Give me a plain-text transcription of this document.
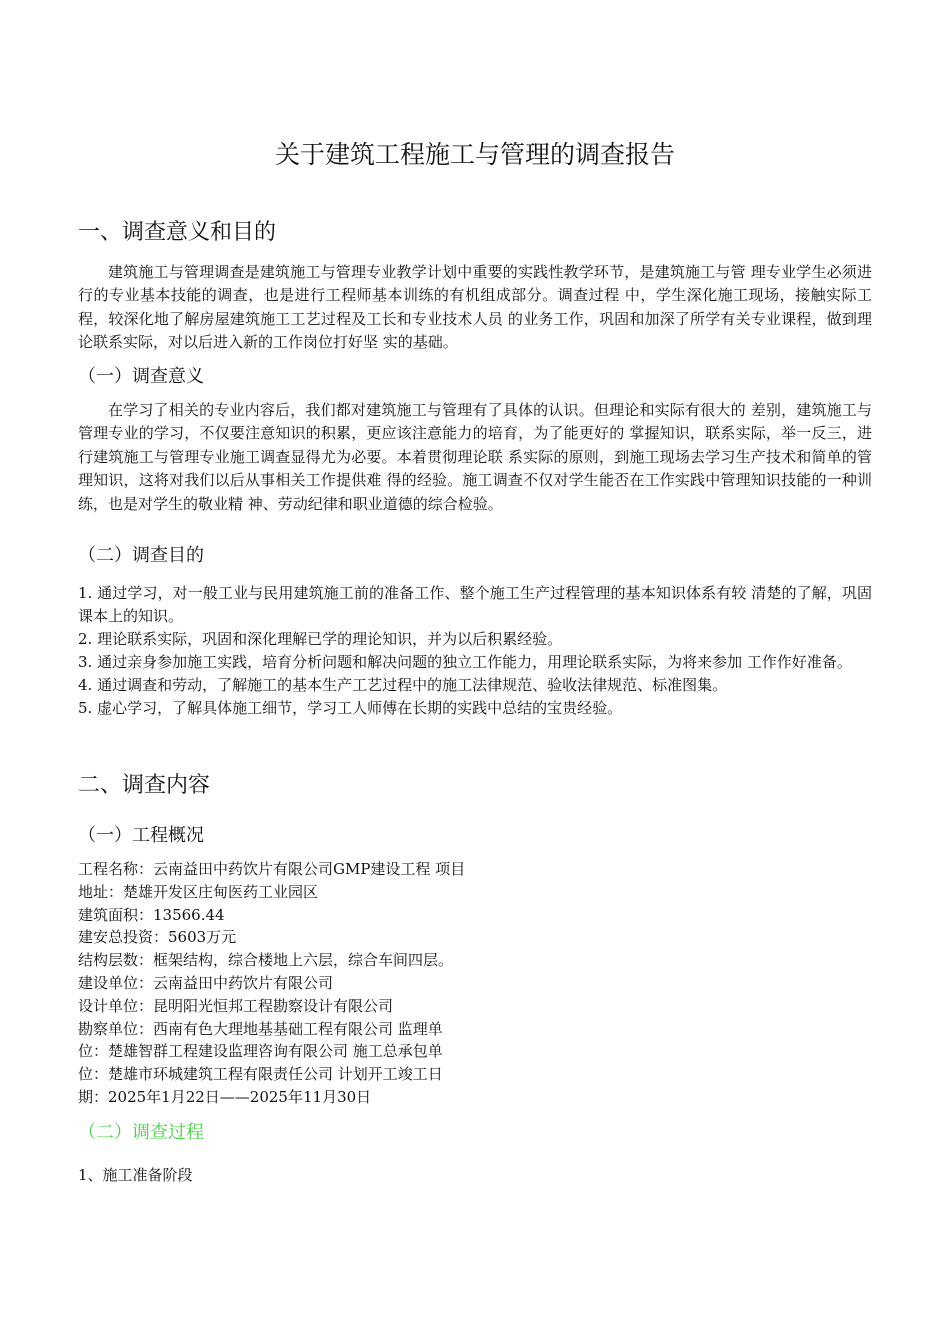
关于建筑工程施工与管理的调查报告
一、调查意义和目的

建筑施工与管理调查是建筑施工与管理专业教学计划中重要的实践性教学环节，是建筑施工与管 理专业学生必须进行的专业基本技能的调查，也是进行工程师基本训练的有机组成部分。调查过程 中，学生深化施工现场，接触实际工程，较深化地了解房屋建筑施工工艺过程及工长和专业技术人员 的业务工作，巩固和加深了所学有关专业课程，做到理论联系实际，对以后进入新的工作岗位打好坚 实的基础。

（一）调查意义

在学习了相关的专业内容后，我们都对建筑施工与管理有了具体的认识。但理论和实际有很大的 差别，建筑施工与管理专业的学习，不仅要注意知识的积累，更应该注意能力的培育，为了能更好的 掌握知识，联系实际，举一反三，进行建筑施工与管理专业施工调查显得尤为必要。本着贯彻理论联 系实际的原则，到施工现场去学习生产技术和简单的管理知识，这将对我们以后从事相关工作提供难 得的经验。施工调查不仅对学生能否在工作实践中管理知识技能的一种训练，也是对学生的敬业精 神、劳动纪律和职业道德的综合检验。

（二）调查目的
1. 通过学习，对一般工业与民用建筑施工前的准备工作、整个施工生产过程管理的基本知识体系有较 清楚的了解，巩固课本上的知识。
2. 理论联系实际，巩固和深化理解已学的理论知识，并为以后积累经验。
3. 通过亲身参加施工实践，培育分析问题和解决问题的独立工作能力，用理论联系实际，为将来参加 工作作好准备。
4. 通过调查和劳动，了解施工的基本生产工艺过程中的施工法律规范、验收法律规范、标准图集。
5. 虚心学习，了解具体施工细节，学习工人师傅在长期的实践中总结的宝贵经验。
二、调查内容
（一）工程概况
工程名称：云南益田中药饮片有限公司GMP建设工程 项目
地址：楚雄开发区庄甸医药工业园区
建筑面积：13566.44
建安总投资：5603万元
结构层数：框架结构，综合楼地上六层，综合车间四层。
建设单位：云南益田中药饮片有限公司
设计单位：昆明阳光恒邦工程勘察设计有限公司
勘察单位：西南有色大理地基基础工程有限公司 监理单
位：楚雄智群工程建设监理咨询有限公司 施工总承包单
位：楚雄市环城建筑工程有限责任公司 计划开工竣工日
期：2025年1月22日——2025年11月30日
（二）调查过程
1、施工准备阶段
